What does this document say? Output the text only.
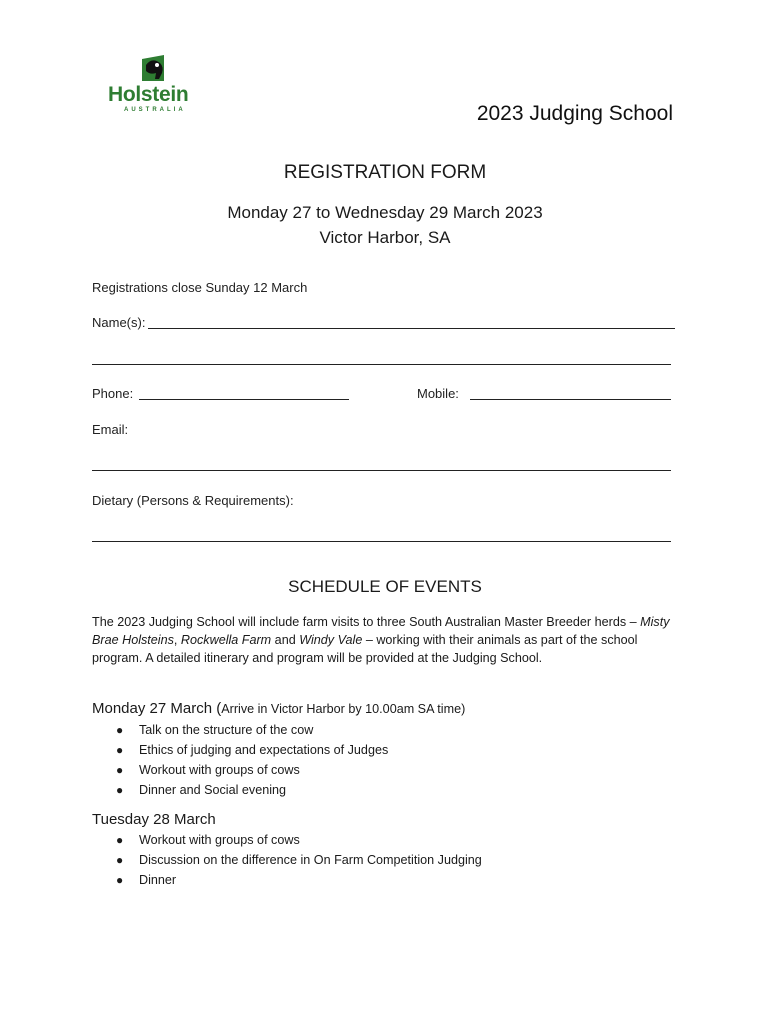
Holstein
AUSTRALIA	2023 Judging School
REGISTRATION FORM
Monday 27 to Wednesday 29 March 2023
Victor Harbor, SA
Registrations close Sunday 12 March
Name(s):
Phone:	Mobile:
Email:
Dietary (Persons & Requirements):
SCHEDULE OF EVENTS
The 2023 Judging School will include farm visits to three South Australian Master Breeder herds – Misty Brae Holsteins, Rockwella Farm and Windy Vale – working with their animals as part of the school program. A detailed itinerary and program will be provided at the Judging School.
Monday 27 March (Arrive in Victor Harbor by 10.00am SA time)
● Talk on the structure of the cow
● Ethics of judging and expectations of Judges
● Workout with groups of cows
● Dinner and Social evening
Tuesday 28 March
● Workout with groups of cows
● Discussion on the difference in On Farm Competition Judging
● Dinner
